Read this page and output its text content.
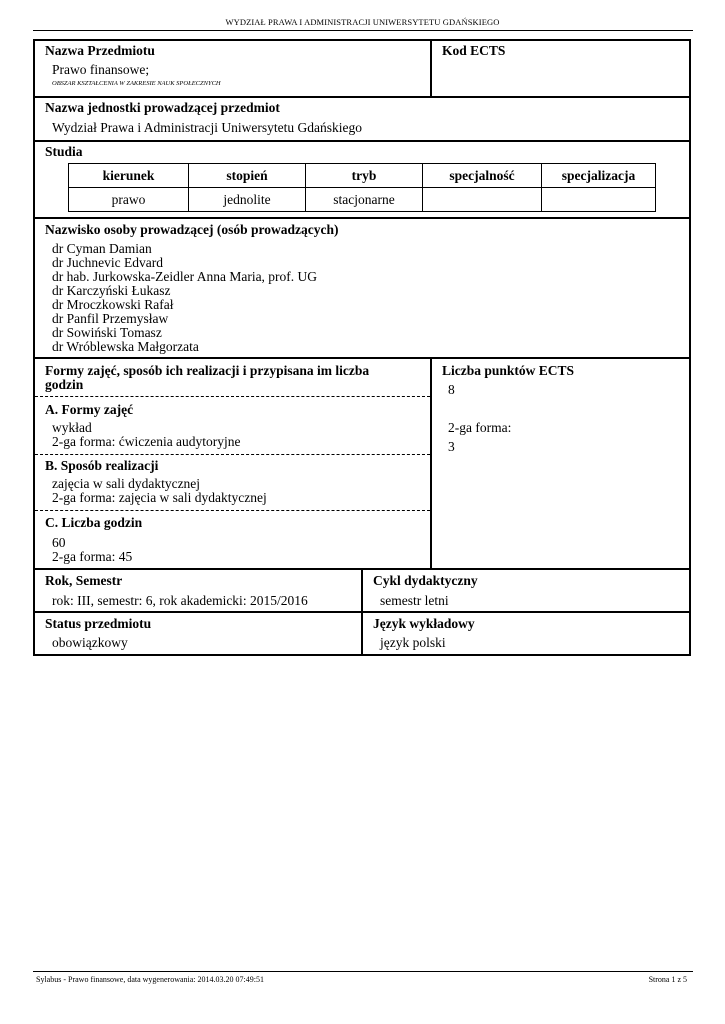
WYDZIAŁ PRAWA I ADMINISTRACJI UNIWERSYTETU GDAŃSKIEGO
Nazwa Przedmiotu
Prawo finansowe;
OBSZAR KSZTAŁCENIA W ZAKRESIE NAUK SPOŁECZNYCH
Kod ECTS
Nazwa jednostki prowadzącej przedmiot
Wydział Prawa i Administracji Uniwersytetu Gdańskiego
Studia
kierunek	stopień	tryb	specjalność	specjalizacja
prawo	jednolite	stacjonarne		
Nazwisko osoby prowadzącej (osób prowadzących)
dr Cyman Damian
dr Juchnevic Edvard
dr hab. Jurkowska-Zeidler Anna Maria, prof. UG
dr Karczyński Łukasz
dr Mroczkowski Rafał
dr Panfil Przemysław
dr Sowiński Tomasz
dr Wróblewska Małgorzata
Formy zajęć, sposób ich realizacji i przypisana im liczba
godzin
A. Formy zajęć
wykład
2-ga forma: ćwiczenia audytoryjne
B. Sposób realizacji
zajęcia w sali dydaktycznej
2-ga forma: zajęcia w sali dydaktycznej
C. Liczba godzin
60
2-ga forma: 45
Liczba punktów ECTS
8
2-ga forma:
3
Rok, Semestr
rok: III, semestr: 6, rok akademicki: 2015/2016
Cykl dydaktyczny
semestr letni
Status przedmiotu
obowiązkowy
Język wykładowy
język polski
Sylabus - Prawo finansowe, data wygenerowania: 2014.03.20 07:49:51	Strona 1 z 5
